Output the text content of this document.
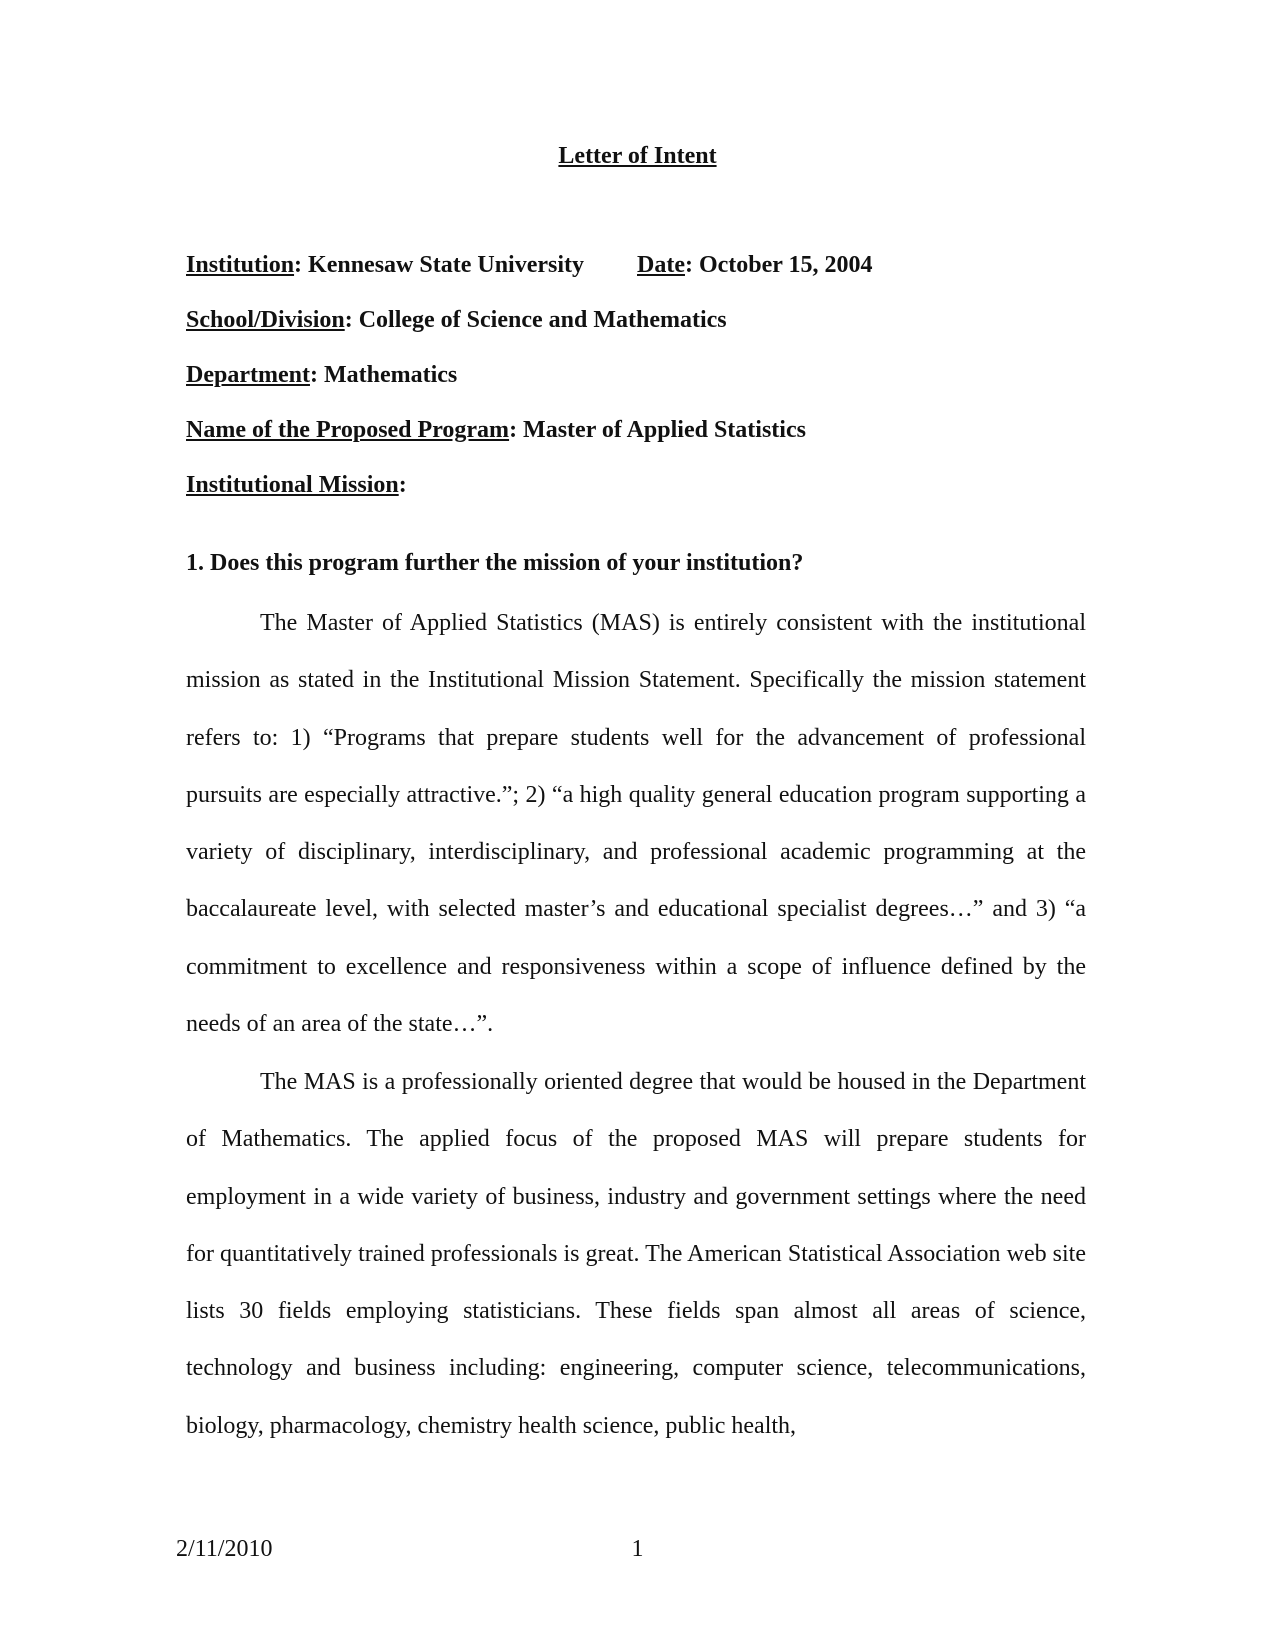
Letter of Intent
Institution: Kennesaw State University Date: October 15, 2004
School/Division: College of Science and Mathematics
Department: Mathematics
Name of the Proposed Program: Master of Applied Statistics
Institutional Mission:
1. Does this program further the mission of your institution?

The Master of Applied Statistics (MAS) is entirely consistent with the institutional mission as stated in the Institutional Mission Statement. Specifically the mission statement refers to: 1) “Programs that prepare students well for the advancement of professional pursuits are especially attractive.”; 2) “a high quality general education program supporting a variety of disciplinary, interdisciplinary, and professional academic programming at the baccalaureate level, with selected master’s and educational specialist degrees…” and 3) “a commitment to excellence and responsiveness within a scope of influence defined by the needs of an area of the state…”.

The MAS is a professionally oriented degree that would be housed in the Department of Mathematics. The applied focus of the proposed MAS will prepare students for employment in a wide variety of business, industry and government settings where the need for quantitatively trained professionals is great. The American Statistical Association web site lists 30 fields employing statisticians. These fields span almost all areas of science, technology and business including: engineering, computer science, telecommunications, biology, pharmacology, chemistry health science, public health,

2/11/2010	1
